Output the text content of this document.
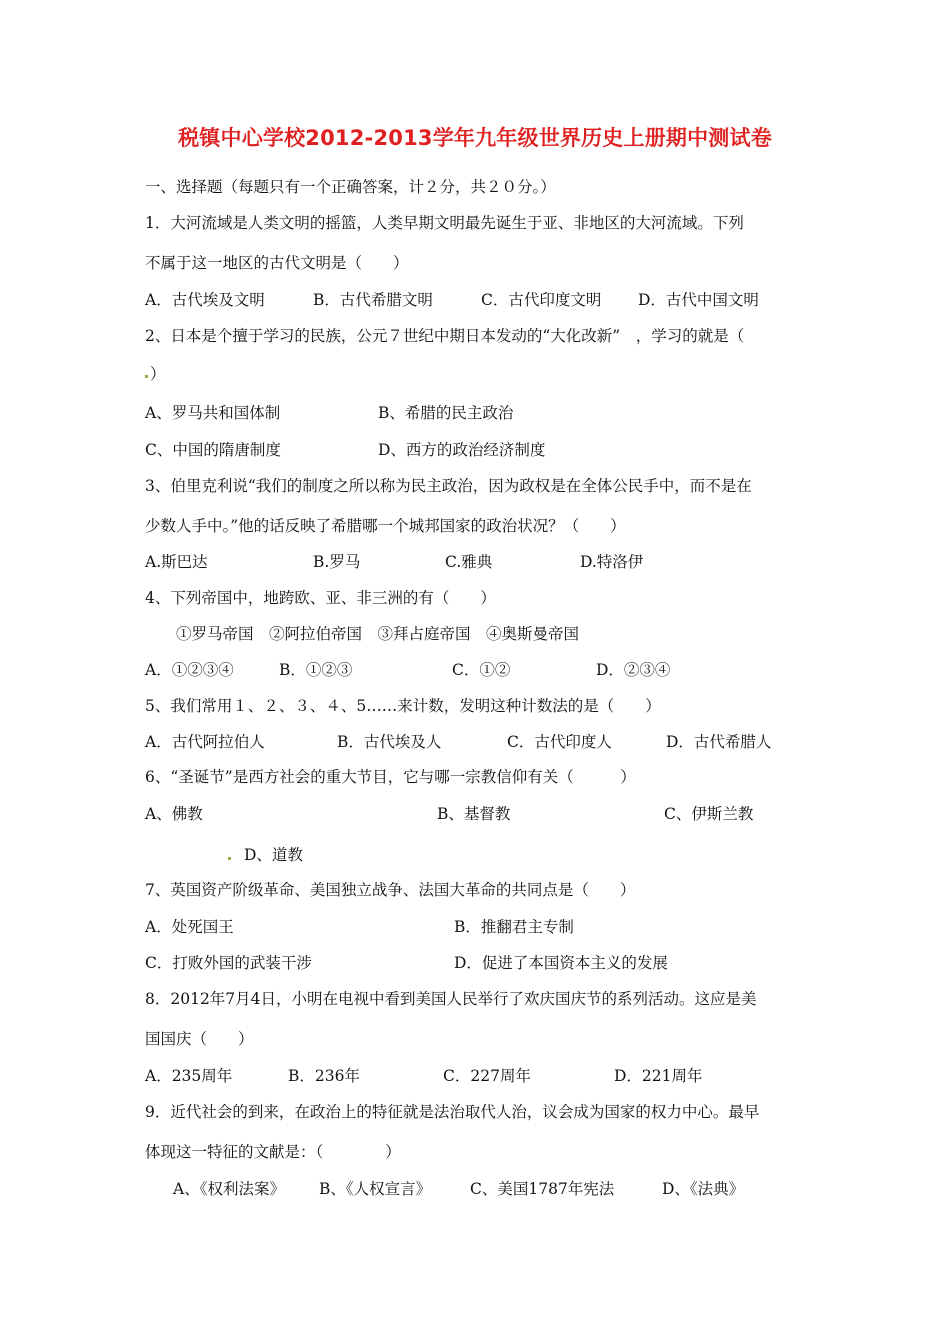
税镇中心学校2012-2013学年九年级世界历史上册期中测试卷
一、选择题（每题只有一个正确答案，计２分，共２０分。）
1．大河流域是人类文明的摇篮，人类早期文明最先诞生于亚、非地区的大河流域。下列
不属于这一地区的古代文明是（　　）
A．古代埃及文明	B．古代希腊文明	C．古代印度文明 D．古代中国文明
2、日本是个擅于学习的民族，公元７世纪中期日本发动的“大化改新”　，学习的就是（
）
A、罗马共和国体制	B、希腊的民主政治
C、中国的隋唐制度	D、西方的政治经济制度
3、伯里克利说“我们的制度之所以称为民主政治，因为政权是在全体公民手中，而不是在
少数人手中。”他的话反映了希腊哪一个城邦国家的政治状况？（　　）
A.斯巴达	B.罗马	C.雅典	D.特洛伊
4、下列帝国中，地跨欧、亚、非三洲的有（　　）
①罗马帝国　②阿拉伯帝国　③拜占庭帝国　④奥斯曼帝国
A．①②③④	B．①②③	C．①②	D．②③④
5、我们常用１、２、３、４、5……来计数，发明这种计数法的是（　　）
A．古代阿拉伯人	B．古代埃及人	C．古代印度人	D．古代希腊人
6、“圣诞节”是西方社会的重大节目，它与哪一宗教信仰有关（　　　）
A、佛教	B、基督教	C、伊斯兰教
D、道教
7、英国资产阶级革命、美国独立战争、法国大革命的共同点是（　　）
A．处死国王	B．推翻君主专制
C．打败外国的武装干涉	D．促进了本国资本主义的发展
8．2012年7月4日，小明在电视中看到美国人民举行了欢庆国庆节的系列活动。这应是美
国国庆（　　）
A．235周年	B．236年	C．227周年	D．221周年
9．近代社会的到来，在政治上的特征就是法治取代人治，议会成为国家的权力中心。最早
体现这一特征的文献是：（　　　　）
A、《权利法案》 B、《人权宣言》	C、美国1787年宪法	D、《法典》
